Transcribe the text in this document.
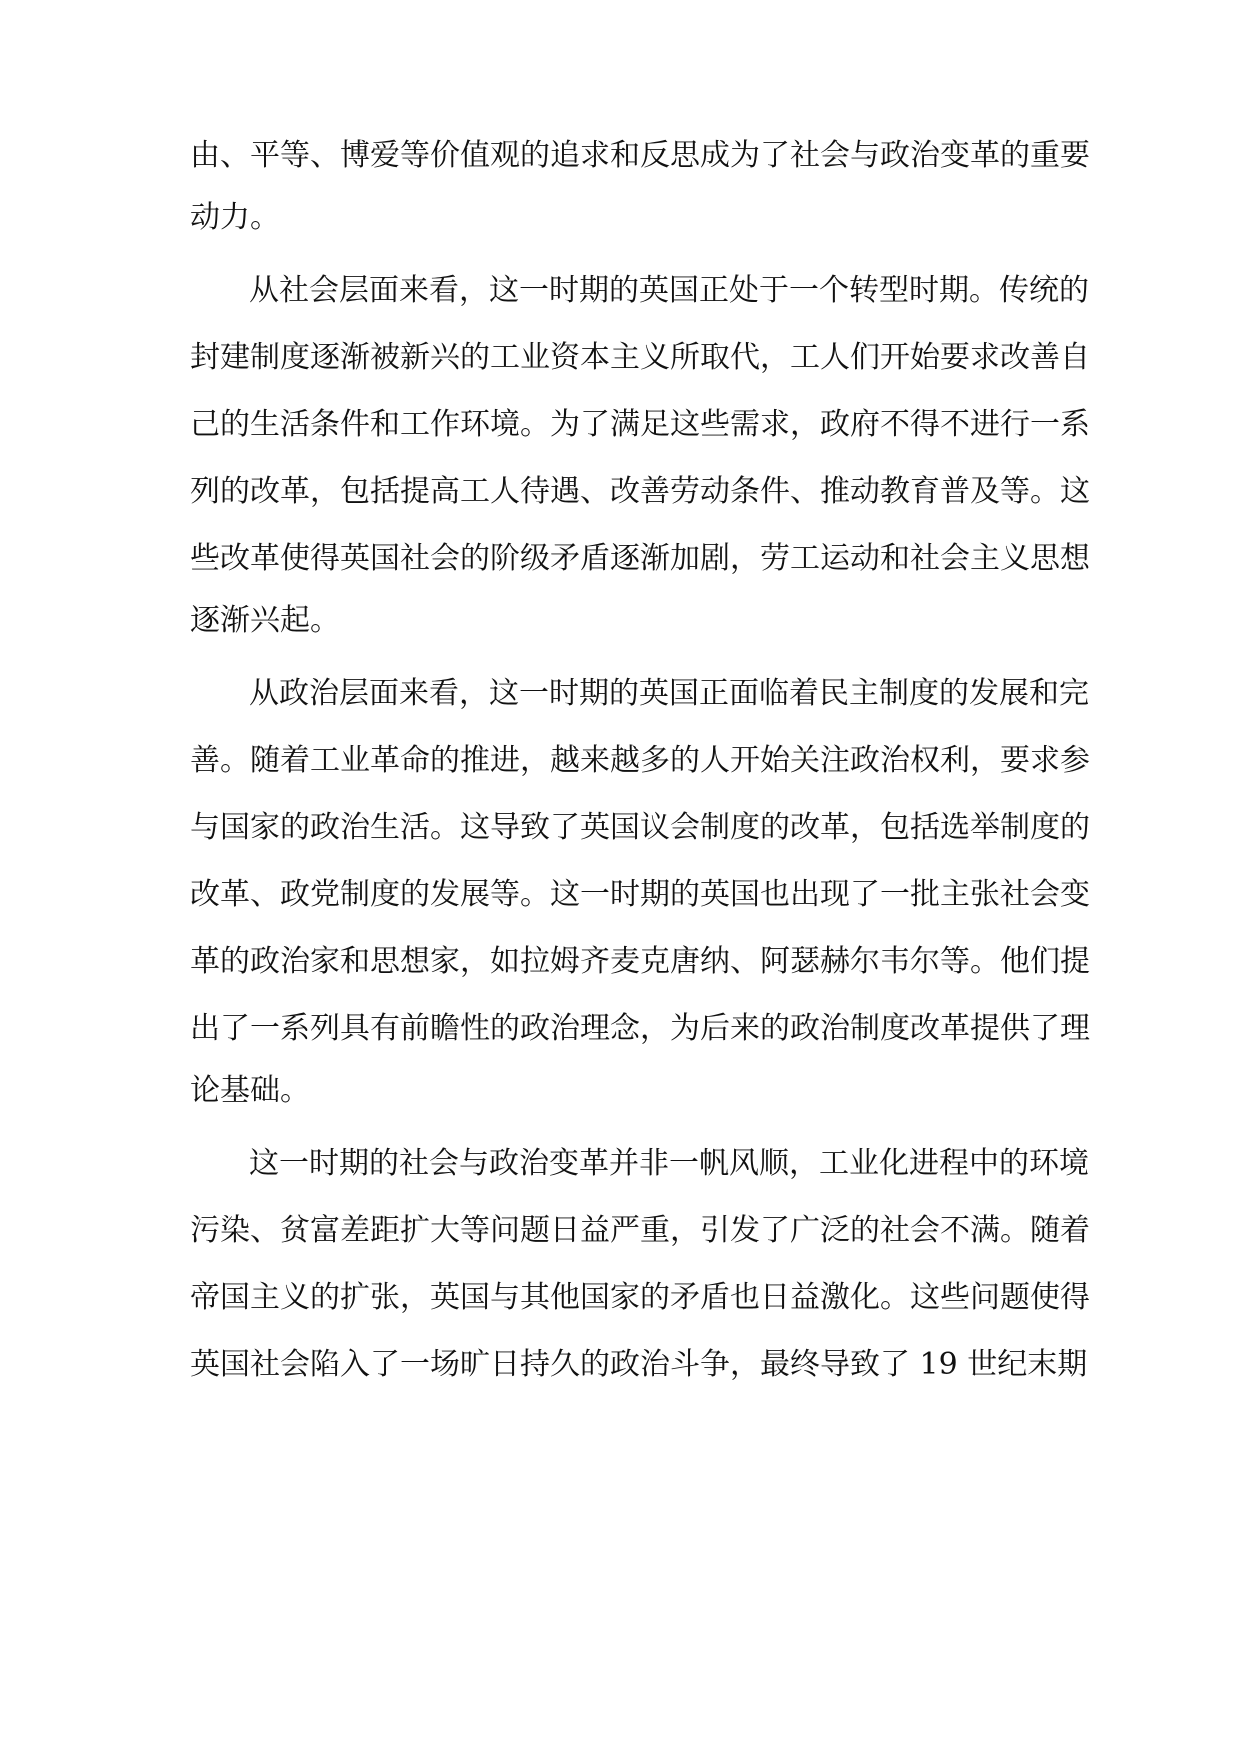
由、平等、博爱等价值观的追求和反思成为了社会与政治变革的重要
动力。
从社会层面来看，这一时期的英国正处于一个转型时期。传统的
封建制度逐渐被新兴的工业资本主义所取代，工人们开始要求改善自
己的生活条件和工作环境。为了满足这些需求，政府不得不进行一系
列的改革，包括提高工人待遇、改善劳动条件、推动教育普及等。这
些改革使得英国社会的阶级矛盾逐渐加剧，劳工运动和社会主义思想
逐渐兴起。
从政治层面来看，这一时期的英国正面临着民主制度的发展和完
善。随着工业革命的推进，越来越多的人开始关注政治权利，要求参
与国家的政治生活。这导致了英国议会制度的改革，包括选举制度的
改革、政党制度的发展等。这一时期的英国也出现了一批主张社会变
革的政治家和思想家，如拉姆齐麦克唐纳、阿瑟赫尔韦尔等。他们提
出了一系列具有前瞻性的政治理念，为后来的政治制度改革提供了理
论基础。
这一时期的社会与政治变革并非一帆风顺，工业化进程中的环境
污染、贫富差距扩大等问题日益严重，引发了广泛的社会不满。随着
帝国主义的扩张，英国与其他国家的矛盾也日益激化。这些问题使得
英国社会陷入了一场旷日持久的政治斗争，最终导致了 19 世纪末期
